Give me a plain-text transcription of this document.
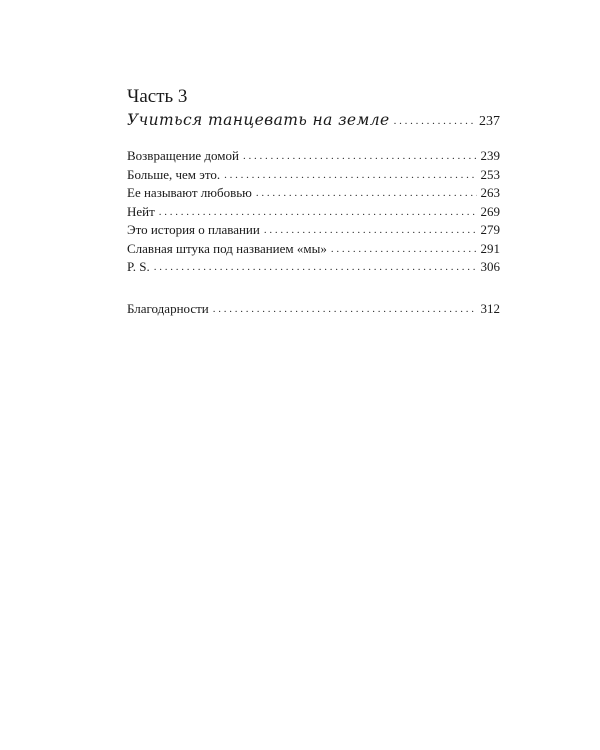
Часть 3
Учиться танцевать на земле . . .	237
Возвращение домой . . .	239
Больше, чем это. . . .	253
Ее называют любовью . . .	263
Нейт . . .	269
Это история о плавании . . .	279
Славная штука под названием «мы» . . .	291
P. S. . . .	306
Благодарности . . .	312
